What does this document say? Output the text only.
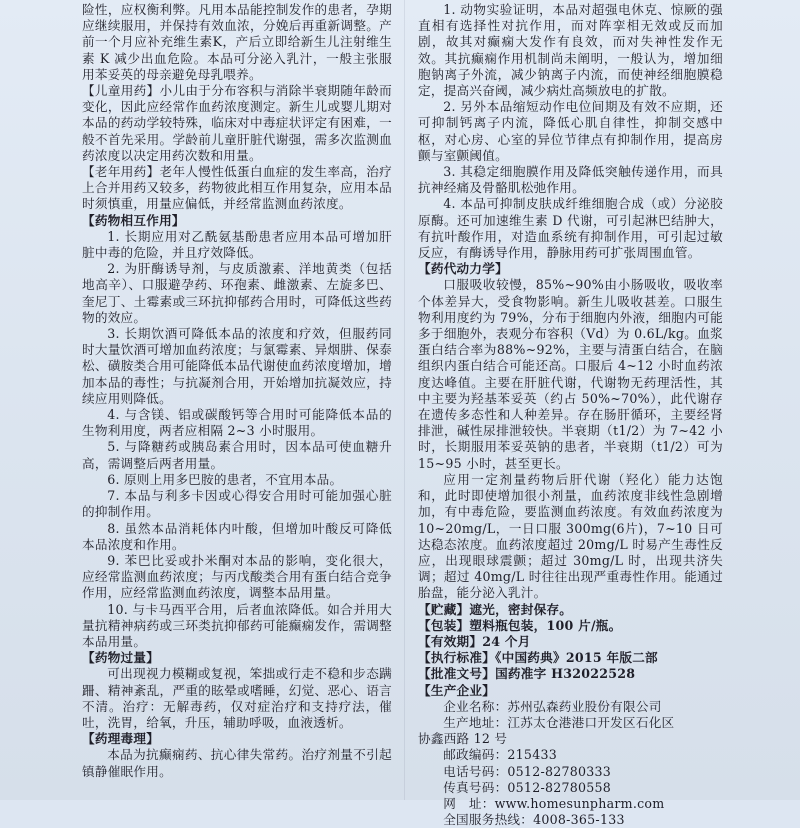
险性，应权衡利弊。凡用本品能控制发作的患者，孕期应继续服用，并保持有效血浓，分娩后再重新调整。产前一个月应补充维生素K，产后立即给新生儿注射维生素 K 减少出血危险。本品可分泌入乳汁，一般主张服用苯妥英的母亲避免母乳喂养。

【儿童用药】小儿由于分布容积与消除半衰期随年龄而变化，因此应经常作血药浓度测定。新生儿或婴儿期对本品的药动学较特殊，临床对中毒症状评定有困难，一般不首先采用。学龄前儿童肝脏代谢强，需多次监测血药浓度以决定用药次数和用量。

【老年用药】老年人慢性低蛋白血症的发生率高，治疗上合并用药又较多，药物彼此相互作用复杂，应用本品时须慎重，用量应偏低，并经常监测血药浓度。

【药物相互作用】

1. 长期应用对乙酰氨基酚患者应用本品可增加肝脏中毒的危险，并且疗效降低。

2. 为肝酶诱导剂，与皮质激素、洋地黄类（包括地高辛）、口服避孕药、环孢素、雌激素、左旋多巴、奎尼丁、土霉素或三环抗抑郁药合用时，可降低这些药物的效应。

3. 长期饮酒可降低本品的浓度和疗效，但服药同时大量饮酒可增加血药浓度；与氯霉素、异烟肼、保泰松、磺胺类合用可能降低本品代谢使血药浓度增加，增加本品的毒性；与抗凝剂合用，开始增加抗凝效应，持续应用则降低。

4. 与含镁、铝或碳酸钙等合用时可能降低本品的生物利用度，两者应相隔 2~3 小时服用。

5. 与降糖药或胰岛素合用时，因本品可使血糖升高，需调整后两者用量。

6. 原则上用多巴胺的患者，不宜用本品。

7. 本品与利多卡因或心得安合用时可能加强心脏的抑制作用。

8. 虽然本品消耗体内叶酸，但增加叶酸反可降低本品浓度和作用。

9. 苯巴比妥或扑米酮对本品的影响，变化很大，应经常监测血药浓度；与丙戊酸类合用有蛋白结合竞争作用，应经常监测血药浓度，调整本品用量。

10. 与卡马西平合用，后者血浓降低。如合并用大量抗精神病药或三环类抗抑郁药可能癫痫发作，需调整本品用量。

【药物过量】

可出现视力模糊或复视，笨拙或行走不稳和步态蹒跚、精神紊乱，严重的眩晕或嗜睡，幻觉、恶心、语言不清。治疗：无解毒药，仅对症治疗和支持疗法，催吐，洗胃，给氧，升压，辅助呼吸，血液透析。

【药理毒理】

本品为抗癫痫药、抗心律失常药。治疗剂量不引起镇静催眠作用。

1. 动物实验证明，本品对超强电休克、惊厥的强直相有选择性对抗作用，而对阵挛相无效或反而加剧，故其对癫痫大发作有良效，而对失神性发作无效。其抗癫痫作用机制尚未阐明，一般认为，增加细胞钠离子外流，减少钠离子内流，而使神经细胞膜稳定，提高兴奋阈，减少病灶高频放电的扩散。

2. 另外本品缩短动作电位间期及有效不应期，还可抑制钙离子内流，降低心肌自律性，抑制交感中枢，对心房、心室的异位节律点有抑制作用，提高房颤与室颤阈值。

3. 其稳定细胞膜作用及降低突触传递作用，而具抗神经痛及骨骼肌松弛作用。

4. 本品可抑制皮肤成纤维细胞合成（或）分泌胶原酶。还可加速维生素 D 代谢，可引起淋巴结肿大，有抗叶酸作用，对造血系统有抑制作用，可引起过敏反应，有酶诱导作用，静脉用药可扩张周围血管。

【药代动力学】

口服吸收较慢，85%~90%由小肠吸收，吸收率个体差异大，受食物影响。新生儿吸收甚差。口服生物利用度约为 79%，分布于细胞内外液，细胞内可能多于细胞外，表观分布容积（Vd）为 0.6L/kg。血浆蛋白结合率为88%~92%，主要与清蛋白结合，在脑组织内蛋白结合可能还高。口服后 4~12 小时血药浓度达峰值。主要在肝脏代谢，代谢物无药理活性，其中主要为羟基苯妥英（约占 50%~70%），此代谢存在遗传多态性和人种差异。存在肠肝循环，主要经肾排泄，碱性尿排泄较快。半衰期（t1/2）为 7~42 小时，长期服用苯妥英钠的患者，半衰期（t1/2）可为 15~95 小时，甚至更长。

应用一定剂量药物后肝代谢（羟化）能力达饱和，此时即使增加很小剂量，血药浓度非线性急剧增加，有中毒危险，要监测血药浓度。有效血药浓度为 10~20mg/L，一日口服 300mg(6片)，7~10 日可达稳态浓度。血药浓度超过 20mg/L 时易产生毒性反应，出现眼球震颤；超过 30mg/L 时，出现共济失调；超过 40mg/L 时往往出现严重毒性作用。能通过胎盘，能分泌入乳汁。

【贮藏】遮光，密封保存。

【包装】塑料瓶包装，100 片/瓶。

【有效期】24 个月

【执行标准】《中国药典》2015 年版二部

【批准文号】国药准字 H32022528

【生产企业】

企业名称：苏州弘森药业股份有限公司

生产地址：江苏太仓港港口开发区石化区

协鑫西路 12 号

邮政编码：215433

电话号码：0512-82780333

传真号码：0512-82780558

网　址：www.homesunpharm.com

全国服务热线：4008-365-133
